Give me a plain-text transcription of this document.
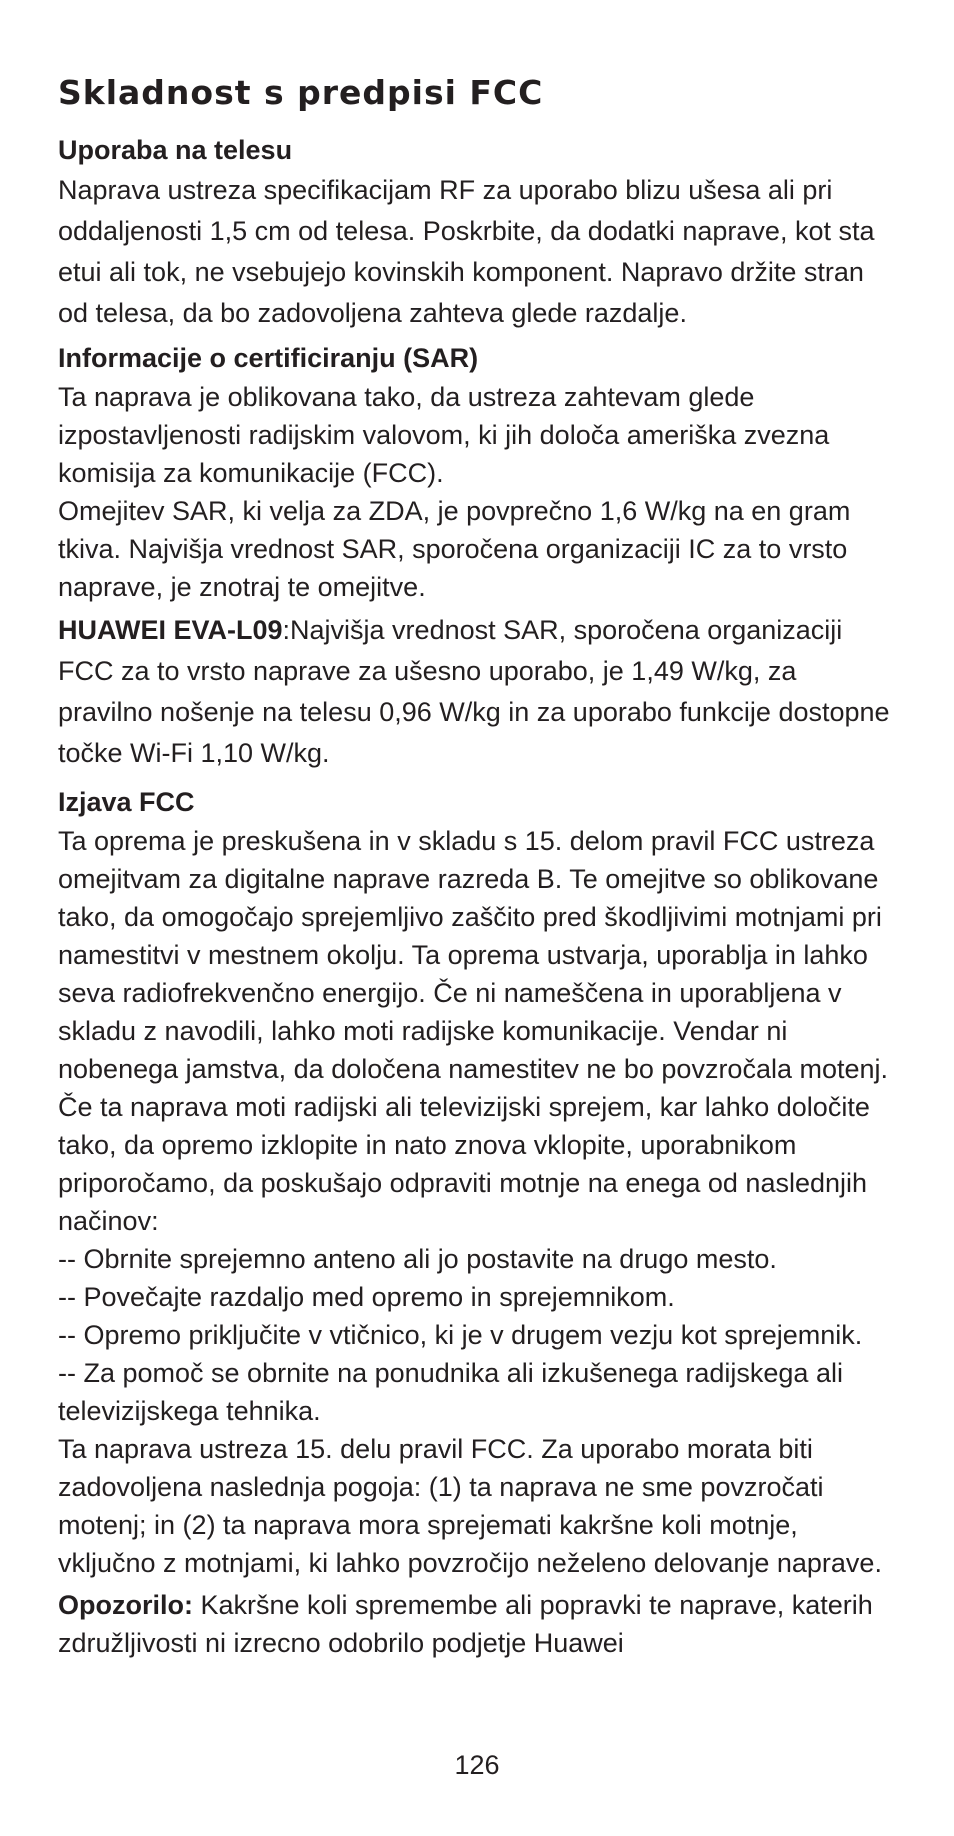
Skladnost s predpisi FCC
Uporaba na telesu

Naprava ustreza specifikacijam RF za uporabo blizu ušesa ali pri oddaljenosti 1,5 cm od telesa. Poskrbite, da dodatki naprave, kot sta etui ali tok, ne vsebujejo kovinskih komponent. Napravo držite stran od telesa, da bo zadovoljena zahteva glede razdalje.

Informacije o certificiranju (SAR)

Ta naprava je oblikovana tako, da ustreza zahtevam glede izpostavljenosti radijskim valovom, ki jih določa ameriška zvezna komisija za komunikacije (FCC).

Omejitev SAR, ki velja za ZDA, je povprečno 1,6 W/kg na en gram tkiva. Najvišja vrednost SAR, sporočena organizaciji IC za to vrsto naprave, je znotraj te omejitve.

HUAWEI EVA-L09:Najvišja vrednost SAR, sporočena organizaciji FCC za to vrsto naprave za ušesno uporabo, je 1,49 W/kg, za pravilno nošenje na telesu 0,96 W/kg in za uporabo funkcije dostopne točke Wi-Fi 1,10 W/kg.

Izjava FCC

Ta oprema je preskušena in v skladu s 15. delom pravil FCC ustreza omejitvam za digitalne naprave razreda B. Te omejitve so oblikovane tako, da omogočajo sprejemljivo zaščito pred škodljivimi motnjami pri namestitvi v mestnem okolju. Ta oprema ustvarja, uporablja in lahko seva radiofrekvenčno energijo. Če ni nameščena in uporabljena v skladu z navodili, lahko moti radijske komunikacije. Vendar ni nobenega jamstva, da določena namestitev ne bo povzročala motenj. Če ta naprava moti radijski ali televizijski sprejem, kar lahko določite tako, da opremo izklopite in nato znova vklopite, uporabnikom priporočamo, da poskušajo odpraviti motnje na enega od naslednjih načinov:

-- Obrnite sprejemno anteno ali jo postavite na drugo mesto.

-- Povečajte razdaljo med opremo in sprejemnikom.

-- Opremo priključite v vtičnico, ki je v drugem vezju kot sprejemnik.

-- Za pomoč se obrnite na ponudnika ali izkušenega radijskega ali televizijskega tehnika.

Ta naprava ustreza 15. delu pravil FCC. Za uporabo morata biti zadovoljena naslednja pogoja: (1) ta naprava ne sme povzročati motenj; in (2) ta naprava mora sprejemati kakršne koli motnje, vključno z motnjami, ki lahko povzročijo neželeno delovanje naprave.

Opozorilo: Kakršne koli spremembe ali popravki te naprave, katerih združljivosti ni izrecno odobrilo podjetje Huawei

126
